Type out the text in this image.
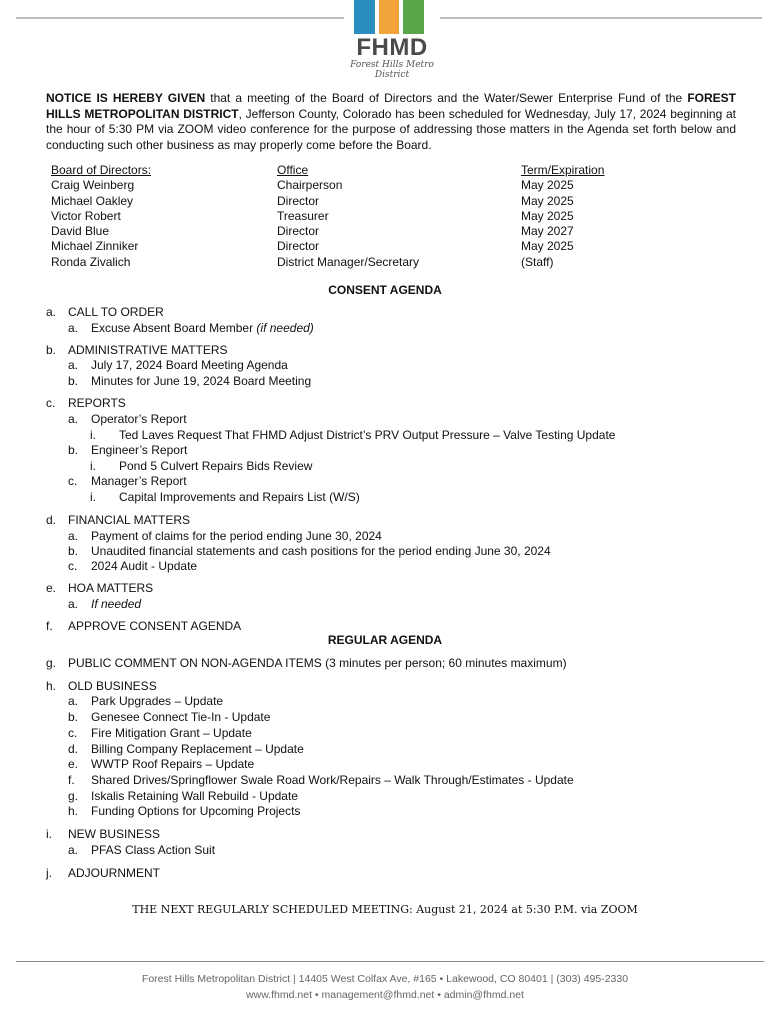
FHMD
Forest Hills Metro District
NOTICE IS HEREBY GIVEN that a meeting of the Board of Directors and the Water/Sewer Enterprise Fund of the FOREST HILLS METROPOLITAN DISTRICT, Jefferson County, Colorado has been scheduled for Wednesday, July 17, 2024 beginning at the hour of 5:30 PM via ZOOM video conference for the purpose of addressing those matters in the Agenda set forth below and conducting such other business as may properly come before the Board.
Board of Directors:
Craig Weinberg
Michael Oakley
Victor Robert
David Blue
Michael Zinniker
Ronda Zivalich
Office
Chairperson
Director
Treasurer
Director
Director
District Manager/Secretary
Term/Expiration
May 2025
May 2025
May 2025
May 2027
May 2025
(Staff)
CONSENT AGENDA
REGULAR AGENDA
a. CALL TO ORDER
a. Excuse Absent Board Member (if needed)
b. ADMINISTRATIVE MATTERS
a. July 17, 2024 Board Meeting Agenda
b. Minutes for June 19, 2024 Board Meeting
c. REPORTS
a. Operator’s Report
i. Ted Laves Request That FHMD Adjust District’s PRV Output Pressure – Valve Testing Update
b. Engineer’s Report
i. Pond 5 Culvert Repairs Bids Review
c. Manager’s Report
i. Capital Improvements and Repairs List (W/S)
d. FINANCIAL MATTERS
a. Payment of claims for the period ending June 30, 2024
b. Unaudited financial statements and cash positions for the period ending June 30, 2024
c. 2024 Audit - Update
e. HOA MATTERS
a. If needed
f. APPROVE CONSENT AGENDA
g. PUBLIC COMMENT ON NON-AGENDA ITEMS (3 minutes per person; 60 minutes maximum)
h. OLD BUSINESS
a. Park Upgrades – Update
b. Genesee Connect Tie-In - Update
c. Fire Mitigation Grant – Update
d. Billing Company Replacement – Update
e. WWTP Roof Repairs – Update
f. Shared Drives/Springflower Swale Road Work/Repairs – Walk Through/Estimates - Update
g. Iskalis Retaining Wall Rebuild - Update
h. Funding Options for Upcoming Projects
i. NEW BUSINESS
a. PFAS Class Action Suit
j. ADJOURNMENT
THE NEXT REGULARLY SCHEDULED MEETING: August 21, 2024 at 5:30 P.M. via ZOOM
Forest Hills Metropolitan District | 14405 West Colfax Ave, #165 • Lakewood, CO 80401 | (303) 495-2330
www.fhmd.net • management@fhmd.net • admin@fhmd.net
